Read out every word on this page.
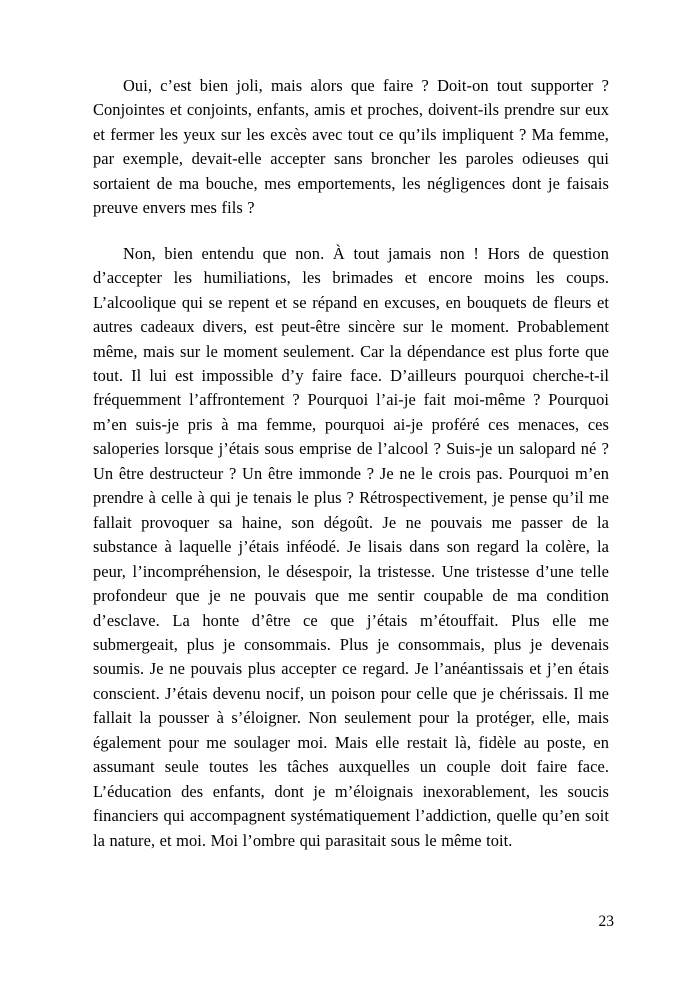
Oui, c’est bien joli, mais alors que faire ? Doit-on tout supporter ? Conjointes et conjoints, enfants, amis et proches, doivent-ils prendre sur eux et fermer les yeux sur les excès avec tout ce qu’ils impliquent ? Ma femme, par exemple, devait-elle accepter sans broncher les paroles odieuses qui sortaient de ma bouche, mes emportements, les négligences dont je faisais preuve envers mes fils ?

Non, bien entendu que non. À tout jamais non ! Hors de question d’accepter les humiliations, les brimades et encore moins les coups. L’alcoolique qui se repent et se répand en excuses, en bouquets de fleurs et autres cadeaux divers, est peut-être sincère sur le moment. Probablement même, mais sur le moment seulement. Car la dépendance est plus forte que tout. Il lui est impossible d’y faire face. D’ailleurs pourquoi cherche-t-il fréquemment l’affrontement ? Pourquoi l’ai-je fait moi-même ? Pourquoi m’en suis-je pris à ma femme, pourquoi ai-je proféré ces menaces, ces saloperies lorsque j’étais sous emprise de l’alcool ? Suis-je un salopard né ? Un être destructeur ? Un être immonde ? Je ne le crois pas. Pourquoi m’en prendre à celle à qui je tenais le plus ? Rétrospectivement, je pense qu’il me fallait provoquer sa haine, son dégoût. Je ne pouvais me passer de la substance à laquelle j’étais inféodé. Je lisais dans son regard la colère, la peur, l’incompréhension, le désespoir, la tristesse. Une tristesse d’une telle profondeur que je ne pouvais que me sentir coupable de ma condition d’esclave. La honte d’être ce que j’étais m’étouffait. Plus elle me submergeait, plus je consommais. Plus je consommais, plus je devenais soumis. Je ne pouvais plus accepter ce regard. Je l’anéantissais et j’en étais conscient. J’étais devenu nocif, un poison pour celle que je chérissais. Il me fallait la pousser à s’éloigner. Non seulement pour la protéger, elle, mais également pour me soulager moi. Mais elle restait là, fidèle au poste, en assumant seule toutes les tâches auxquelles un couple doit faire face. L’éducation des enfants, dont je m’éloignais inexorablement, les soucis financiers qui accompagnent systématiquement l’addiction, quelle qu’en soit la nature, et moi. Moi l’ombre qui parasitait sous le même toit.

23
